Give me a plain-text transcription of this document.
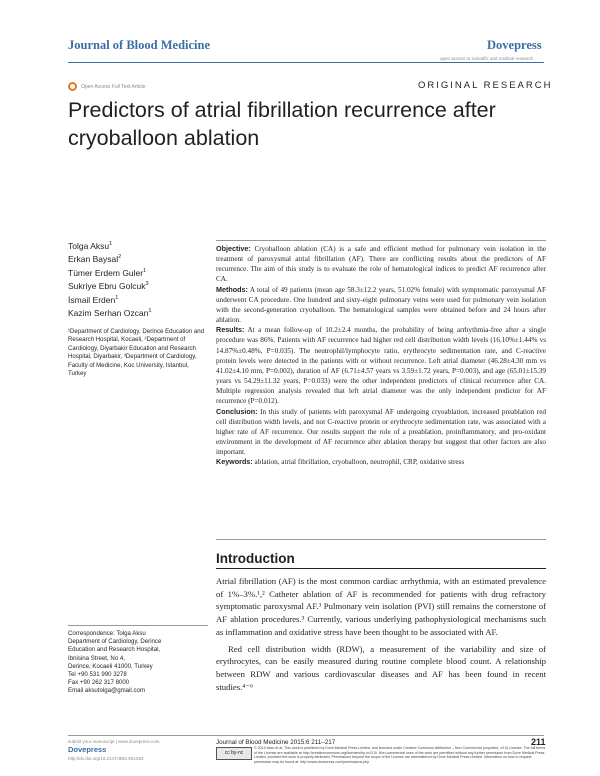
Journal of Blood Medicine	Dovepress
open access to scientific and medical research
Open Access Full Text Article	ORIGINAL RESEARCH
Predictors of atrial fibrillation recurrence after cryoballoon ablation
Tolga Aksu$^1$
Erkan Baysal$^2$
Tümer Erdem Guler$^1$
Sukriye Ebru Golcuk$^3$
İsmail Erden$^1$
Kazim Serhan Ozcan$^1$
¹Department of Cardiology, Derince Education and Research Hospital, Kocaeli, ²Department of Cardiology, Diyarbakir Education and Research Hospital, Diyarbakir, ³Department of Cardiology, Faculty of Medicine, Koc University, Istanbul, Turkey

Objective: Cryoballoon ablation (CA) is a safe and efficient method for pulmonary vein isolation in the treatment of paroxysmal atrial fibrillation (AF). There are conflicting results about the predictors of AF recurrence. The aim of this study is to evaluate the role of hematological indices to predict AF recurrence after CA.

Methods: A total of 49 patients (mean age 58.3±12.2 years, 51.02% female) with symptomatic paroxysmal AF underwent CA procedure. One hundred and sixty-eight pulmonary veins were used for pulmonary vein isolation with the second-generation cryoballoon. The hematological samples were obtained before and 24 hours after ablation.

Results: At a mean follow-up of 10.2±2.4 months, the probability of being arrhythmia-free after a single procedure was 86%. Patients with AF recurrence had higher red cell distribution width levels (16.10%±1.44% vs 14.87%±0.48%, P=0.035). The neutrophil/lymphocyte ratio, erythrocyte sedimentation rate, and C-reactive protein levels were detected in the patients with or without recurrence. Left atrial diameter (46.28±4.30 mm vs 41.02±4.10 mm, P=0.002), duration of AF (6.71±4.57 years vs 3.59±1.72 years, P=0.003), and age (65.01±15.39 years vs 54.29±11.32 years, P=0.033) were the other independent predictors of clinical recurrence after CA. Multiple regression analysis revealed that left atrial diameter was the only independent predictor for AF recurrence (P=0.012).

Conclusion: In this study of patients with paroxysmal AF undergoing cryoablation, increased preablation red cell distribution width levels, and not C-reactive protein or erythrocyte sedimentation rate, was associated with a higher rate of AF recurrence. Our results support the role of a preablation, proinflammatory, and pro-oxidant environment in the development of AF recurrence after ablation therapy but suggest that other factors are also important.

Keywords: ablation, atrial fibrillation, cryoballoon, neutrophil, CRP, oxidative stress

Introduction

Atrial fibrillation (AF) is the most common cardiac arrhythmia, with an estimated prevalence of 1%–3%.¹,² Catheter ablation of AF is recommended for patients with drug refractory symptomatic paroxysmal AF.³ Pulmonary vein isolation (PVI) still remains the cornerstone of AF ablation procedures.³ Currently, various underlying pathophysiological mechanisms such as inflammation and oxidative stress have been thought to be associated with AF.

Red cell distribution width (RDW), a measurement of the variability and size of erythrocytes, can be easily measured during routine complete blood count. A relationship between RDW and various cardiovascular diseases and AF has been found in recent studies.⁴⁻⁶

Correspondence: Tolga Aksu
Department of Cardiology, Derince
Education and Research Hospital,
Ibnisina Street, No 4,
Derince, Kocaeli 41000, Turkey
Tel +90 531 990 3278
Fax +90 262 317 8000
Email aksutolga@gmail.com
submit your manuscript | www.dovepress.com
Dovepress
http://dx.doi.org/10.2147/JBM.S81553
Journal of Blood Medicine 2015:6 211–217	211
cc by-nc
© 2015 Aksu et al. This work is published by Dove Medical Press Limited, and licensed under Creative Commons Attribution – Non Commercial (unported, v3.0) License. The full terms of the License are available at http://creativecommons.org/licenses/by-nc/3.0/. Non-commercial uses of the work are permitted without any further permission from Dove Medical Press Limited, provided the work is properly attributed. Permissions beyond the scope of the License are administered by Dove Medical Press Limited. Information on how to request permission may be found at: http://www.dovepress.com/permissions.php
